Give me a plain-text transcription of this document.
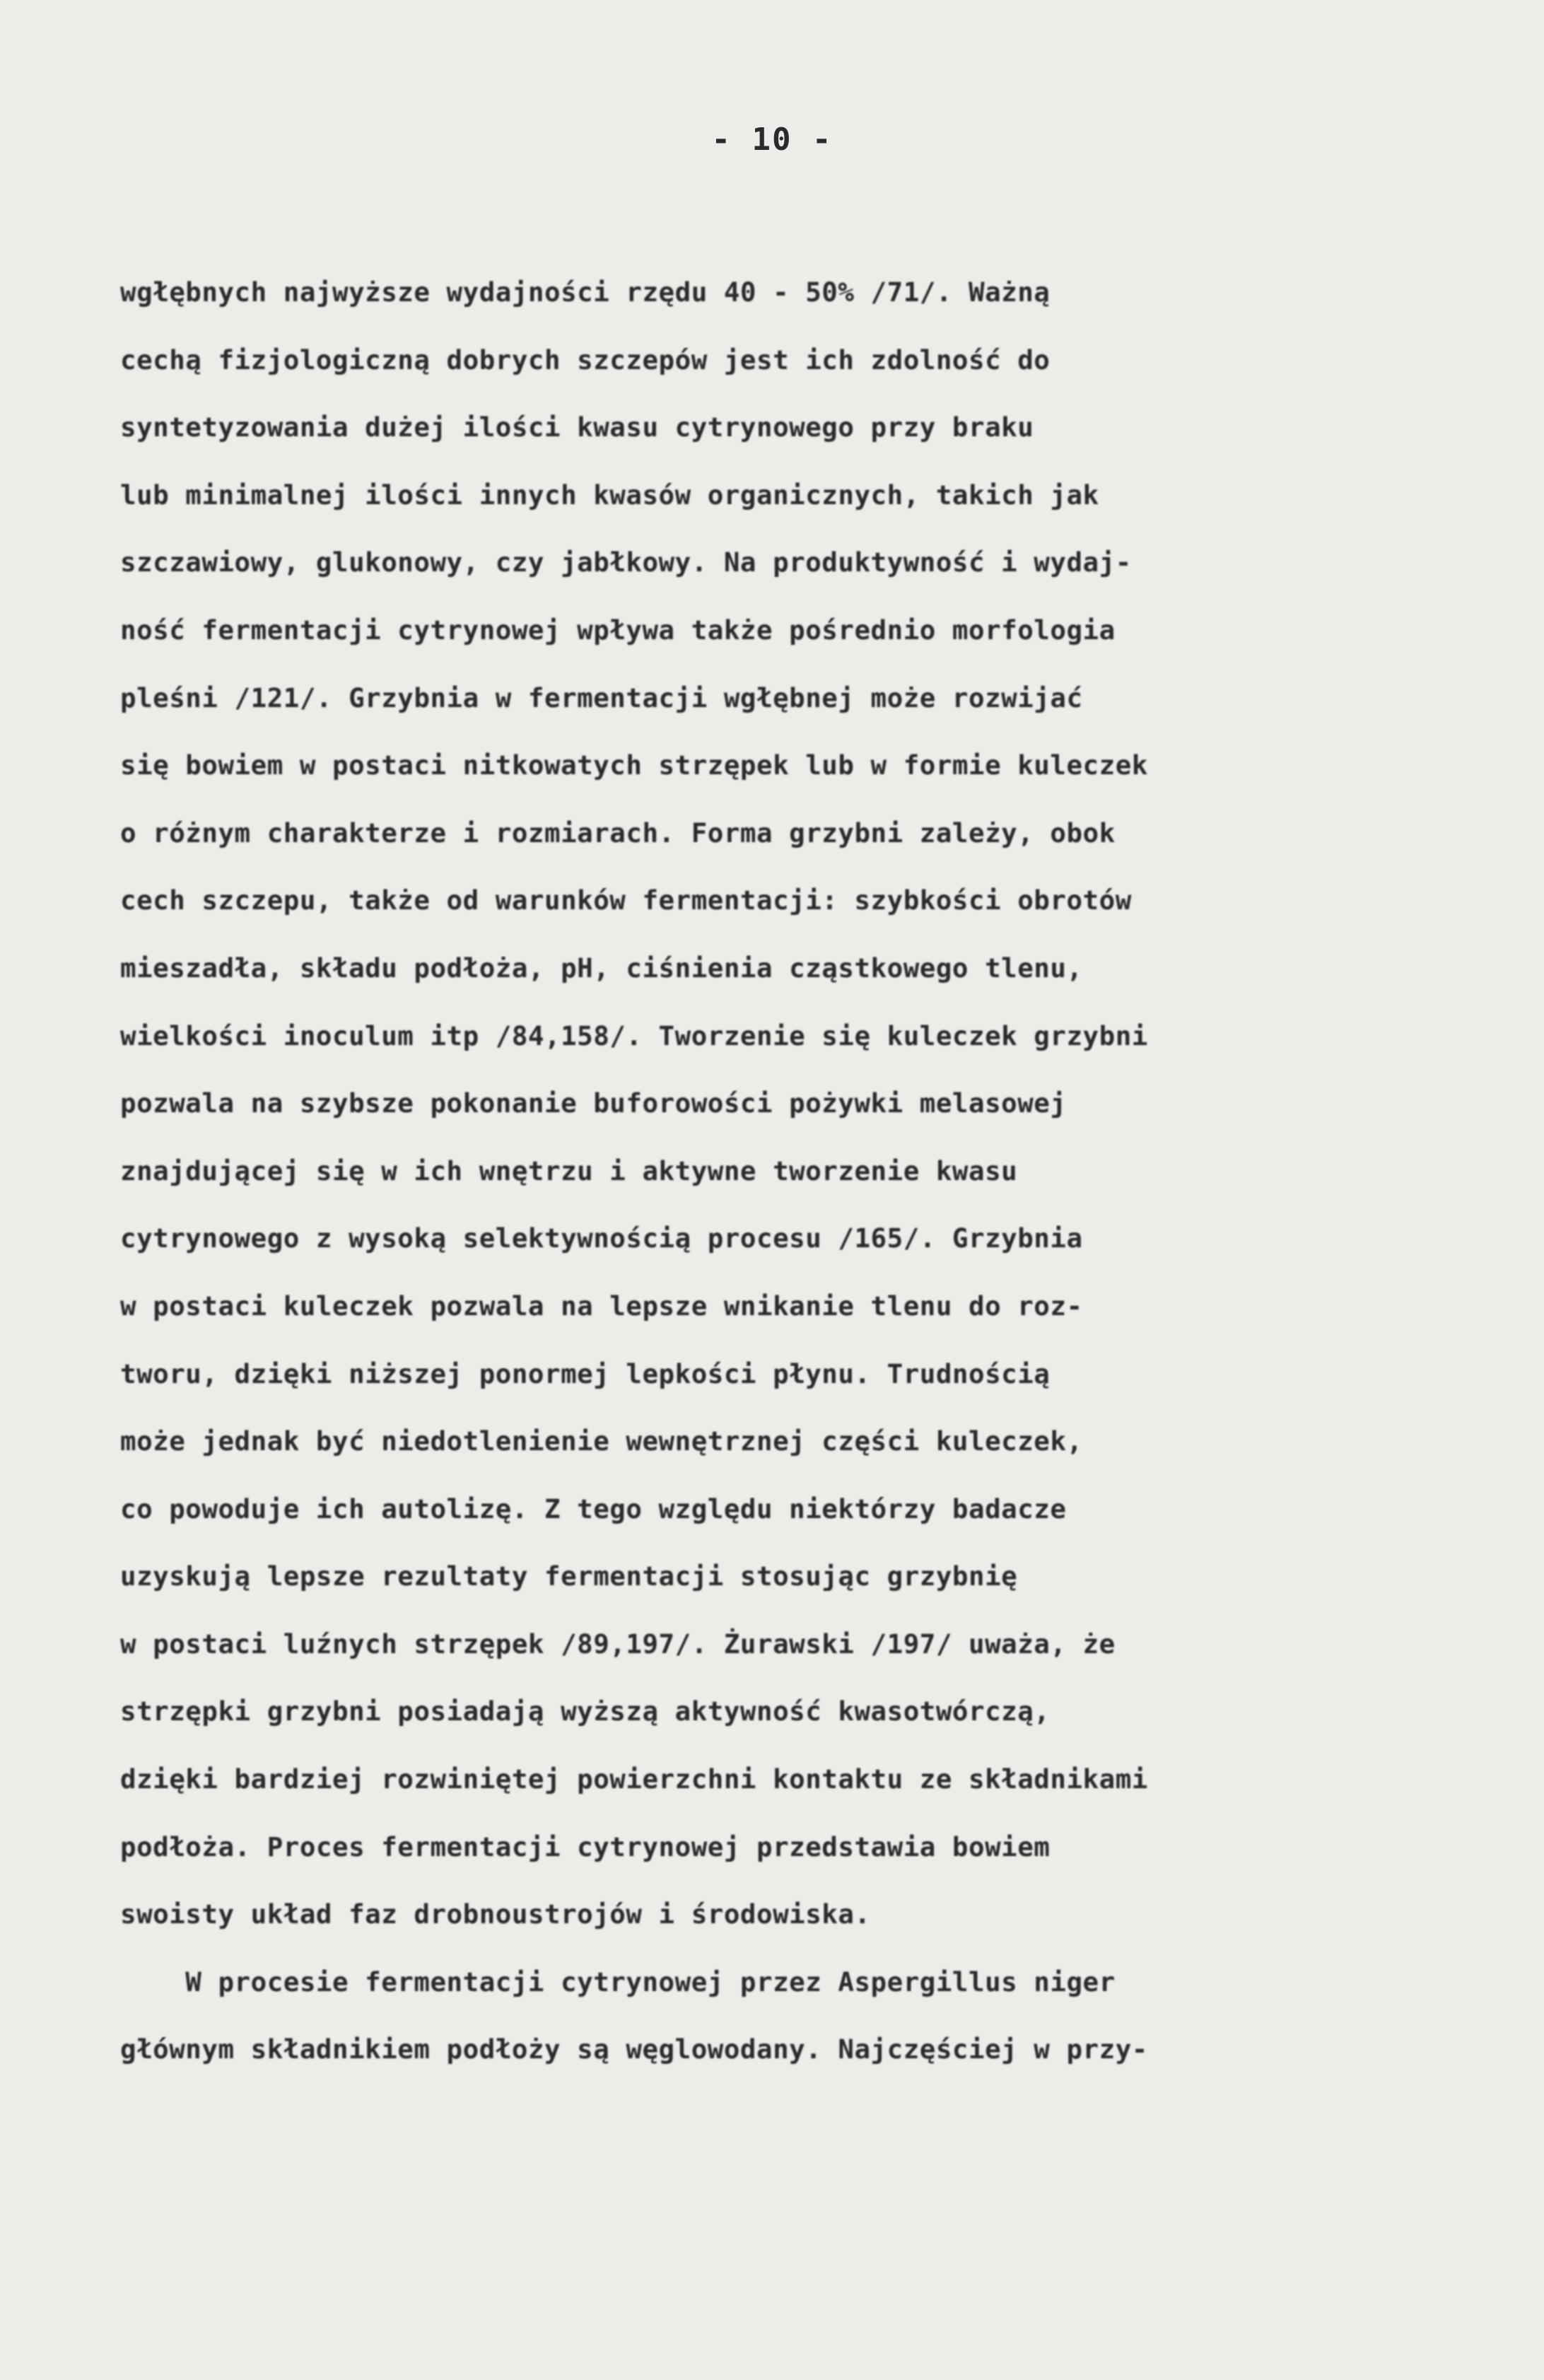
- 10 -
wgłębnych najwyższe wydajności rzędu 40 - 50% /71/. Ważną
cechą fizjologiczną dobrych szczepów jest ich zdolność do
syntetyzowania dużej ilości kwasu cytrynowego przy braku
lub minimalnej ilości innych kwasów organicznych, takich jak
szczawiowy, glukonowy, czy jabłkowy. Na produktywność i wydaj-
ność fermentacji cytrynowej wpływa także pośrednio morfologia
pleśni /121/. Grzybnia w fermentacji wgłębnej może rozwijać
się bowiem w postaci nitkowatych strzępek lub w formie kuleczek
o różnym charakterze i rozmiarach. Forma grzybni zależy, obok
cech szczepu, także od warunków fermentacji: szybkości obrotów
mieszadła, składu podłoża, pH, ciśnienia cząstkowego tlenu,
wielkości inoculum itp /84,158/. Tworzenie się kuleczek grzybni
pozwala na szybsze pokonanie buforowości pożywki melasowej
znajdującej się w ich wnętrzu i aktywne tworzenie kwasu
cytrynowego z wysoką selektywnością procesu /165/. Grzybnia
w postaci kuleczek pozwala na lepsze wnikanie tlenu do roz-
tworu, dzięki niższej ponormej lepkości płynu. Trudnością
może jednak być niedotlenienie wewnętrznej części kuleczek,
co powoduje ich autolizę. Z tego względu niektórzy badacze
uzyskują lepsze rezultaty fermentacji stosując grzybnię
w postaci luźnych strzępek /89,197/. Żurawski /197/ uważa, że
strzępki grzybni posiadają wyższą aktywność kwasotwórczą,
dzięki bardziej rozwiniętej powierzchni kontaktu ze składnikami
podłoża. Proces fermentacji cytrynowej przedstawia bowiem
swoisty układ faz drobnoustrojów i środowiska.
W procesie fermentacji cytrynowej przez Aspergillus niger
głównym składnikiem podłoży są węglowodany. Najczęściej w przy-
